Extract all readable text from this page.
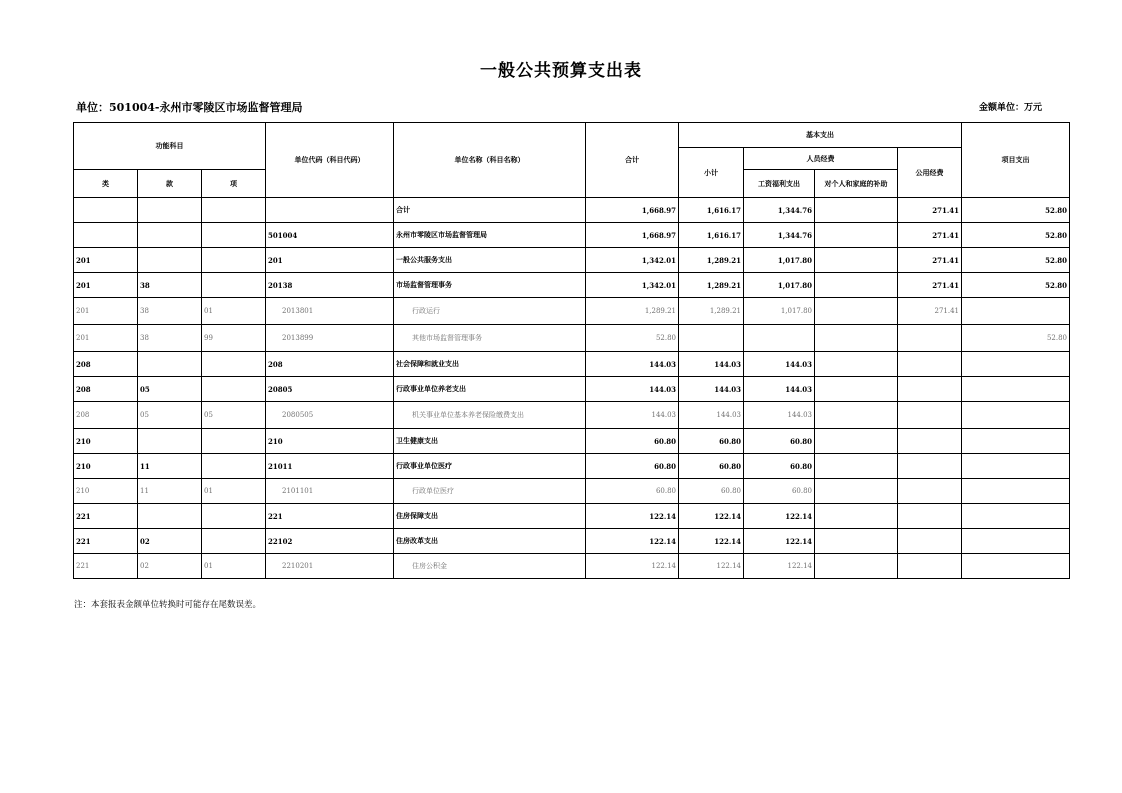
一般公共预算支出表
单位：501004-永州市零陵区市场监督管理局	金额单位：万元
功能科目			单位代码（科目代码）	单位名称（科目名称）	合计	基本支出				项目支出
						小计	人员经费		公用经费	
类	款	项					工资福利支出	对个人和家庭的补助		
				合计	1,668.97	1,616.17	1,344.76		271.41	52.80
			501004	永州市零陵区市场监督管理局	1,668.97	1,616.17	1,344.76		271.41	52.80
201			201	一般公共服务支出	1,342.01	1,289.21	1,017.80		271.41	52.80
201	38		20138	市场监督管理事务	1,342.01	1,289.21	1,017.80		271.41	52.80
201	38	01	2013801	行政运行	1,289.21	1,289.21	1,017.80		271.41	
201	38	99	2013899	其他市场监督管理事务	52.80					52.80
208			208	社会保障和就业支出	144.03	144.03	144.03			
208	05		20805	行政事业单位养老支出	144.03	144.03	144.03			
208	05	05	2080505	机关事业单位基本养老保险缴费支出	144.03	144.03	144.03			
210			210	卫生健康支出	60.80	60.80	60.80			
210	11		21011	行政事业单位医疗	60.80	60.80	60.80			
210	11	01	2101101	行政单位医疗	60.80	60.80	60.80			
221			221	住房保障支出	122.14	122.14	122.14			
221	02		22102	住房改革支出	122.14	122.14	122.14			
221	02	01	2210201	住房公积金	122.14	122.14	122.14			
注：本套报表金额单位转换时可能存在尾数误差。
